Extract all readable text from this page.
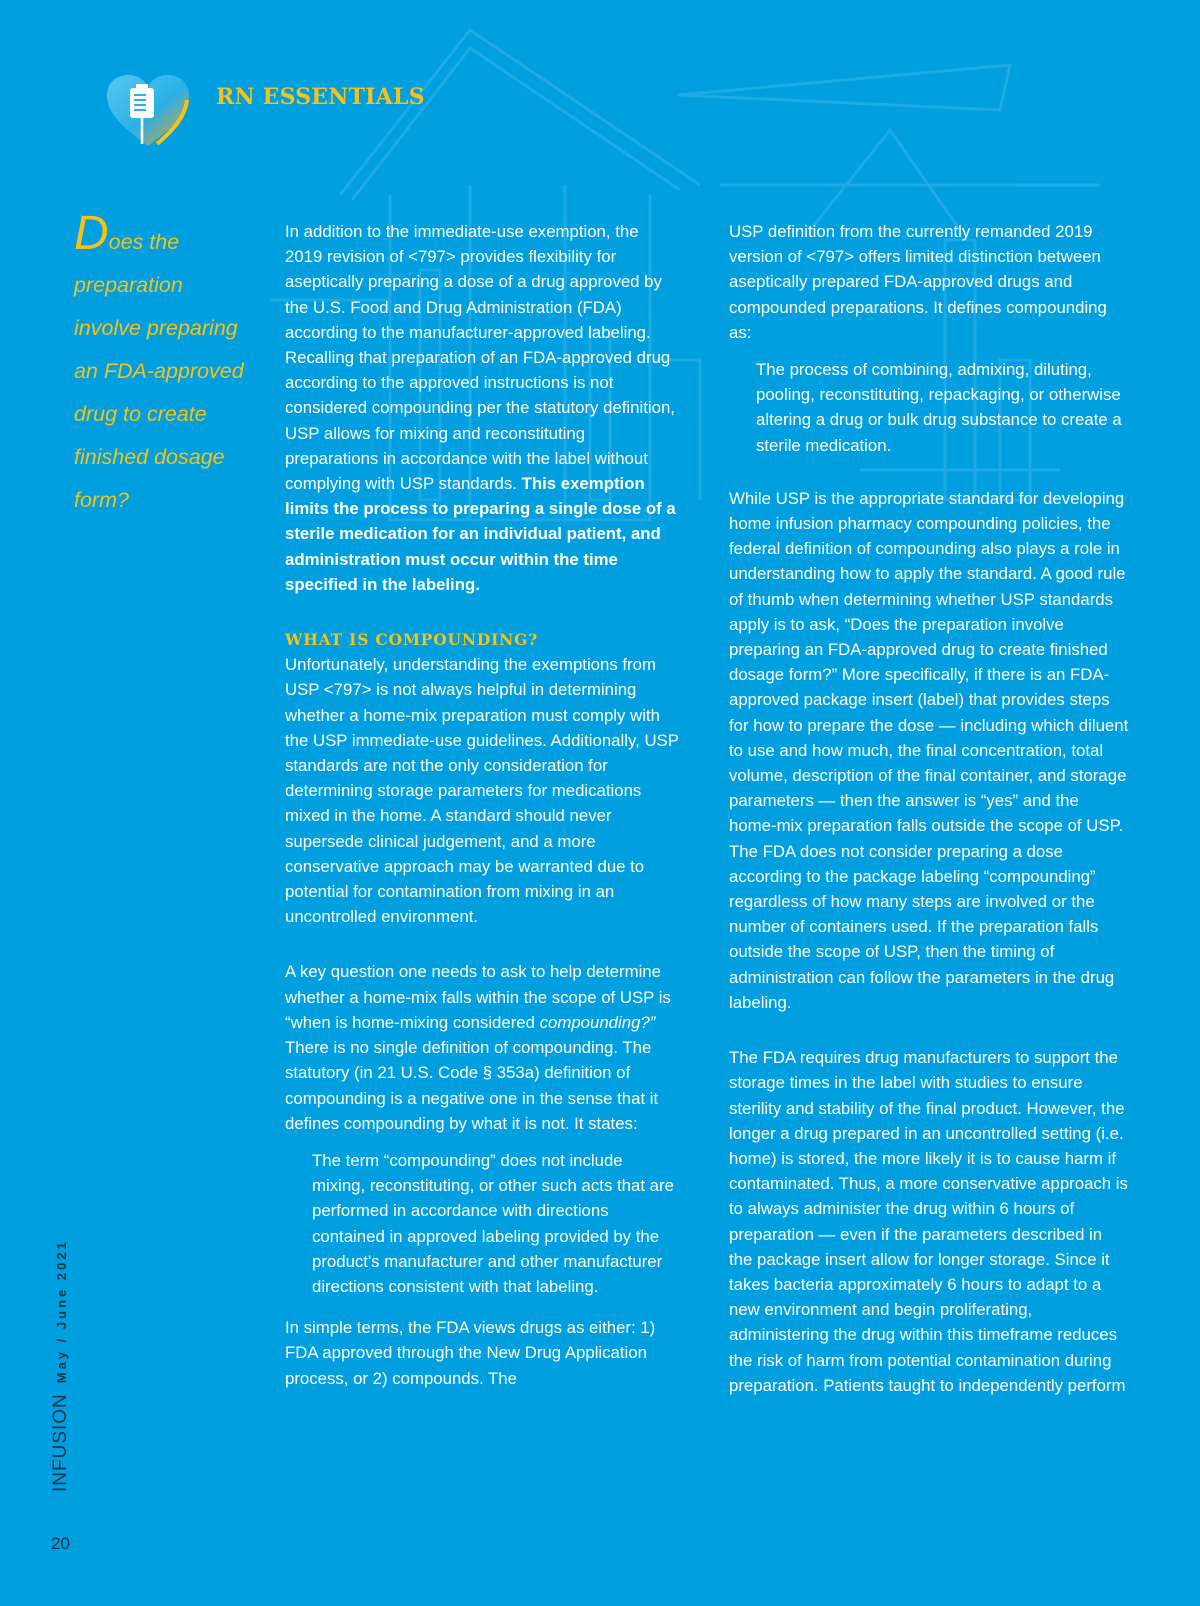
RN ESSENTIALS
Does the preparation involve preparing an FDA-approved drug to create finished dosage form?

In addition to the immediate-use exemption, the 2019 revision of <797> provides flexibility for aseptically preparing a dose of a drug approved by the U.S. Food and Drug Administration (FDA) according to the manufacturer-approved labeling. Recalling that preparation of an FDA-approved drug according to the approved instructions is not considered compounding per the statutory definition, USP allows for mixing and reconstituting preparations in accordance with the label without complying with USP standards. This exemption limits the process to preparing a single dose of a sterile medication for an individual patient, and administration must occur within the time specified in the labeling.

WHAT IS COMPOUNDING?

Unfortunately, understanding the exemptions from USP <797> is not always helpful in determining whether a home-mix preparation must comply with the USP immediate-use guidelines. Additionally, USP standards are not the only consideration for determining storage parameters for medications mixed in the home. A standard should never supersede clinical judgement, and a more conservative approach may be warranted due to potential for contamination from mixing in an uncontrolled environment.

A key question one needs to ask to help determine whether a home-mix falls within the scope of USP is “when is home-mixing considered compounding?” There is no single definition of compounding. The statutory (in 21 U.S. Code § 353a) definition of compounding is a negative one in the sense that it defines compounding by what it is not. It states:

The term “compounding” does not include mixing, reconstituting, or other such acts that are performed in accordance with directions contained in approved labeling provided by the product's manufacturer and other manufacturer directions consistent with that labeling.

In simple terms, the FDA views drugs as either: 1) FDA approved through the New Drug Application process, or 2) compounds. The

USP definition from the currently remanded 2019 version of <797> offers limited distinction between aseptically prepared FDA-approved drugs and compounded preparations. It defines compounding as:

The process of combining, admixing, diluting, pooling, reconstituting, repackaging, or otherwise altering a drug or bulk drug substance to create a sterile medication.

While USP is the appropriate standard for developing home infusion pharmacy compounding policies, the federal definition of compounding also plays a role in understanding how to apply the standard. A good rule of thumb when determining whether USP standards apply is to ask, “Does the preparation involve preparing an FDA-approved drug to create finished dosage form?” More specifically, if there is an FDA-approved package insert (label) that provides steps for how to prepare the dose — including which diluent to use and how much, the final concentration, total volume, description of the final container, and storage parameters — then the answer is “yes” and the home-mix preparation falls outside the scope of USP. The FDA does not consider preparing a dose according to the package labeling “compounding” regardless of how many steps are involved or the number of containers used. If the preparation falls outside the scope of USP, then the timing of administration can follow the parameters in the drug labeling.

The FDA requires drug manufacturers to support the storage times in the label with studies to ensure sterility and stability of the final product. However, the longer a drug prepared in an uncontrolled setting (i.e. home) is stored, the more likely it is to cause harm if contaminated. Thus, a more conservative approach is to always administer the drug within 6 hours of preparation — even if the parameters described in the package insert allow for longer storage. Since it takes bacteria approximately 6 hours to adapt to a new environment and begin proliferating, administering the drug within this timeframe reduces the risk of harm from potential contamination during preparation. Patients taught to independently perform

INFUSIONMay / June 2021
20
